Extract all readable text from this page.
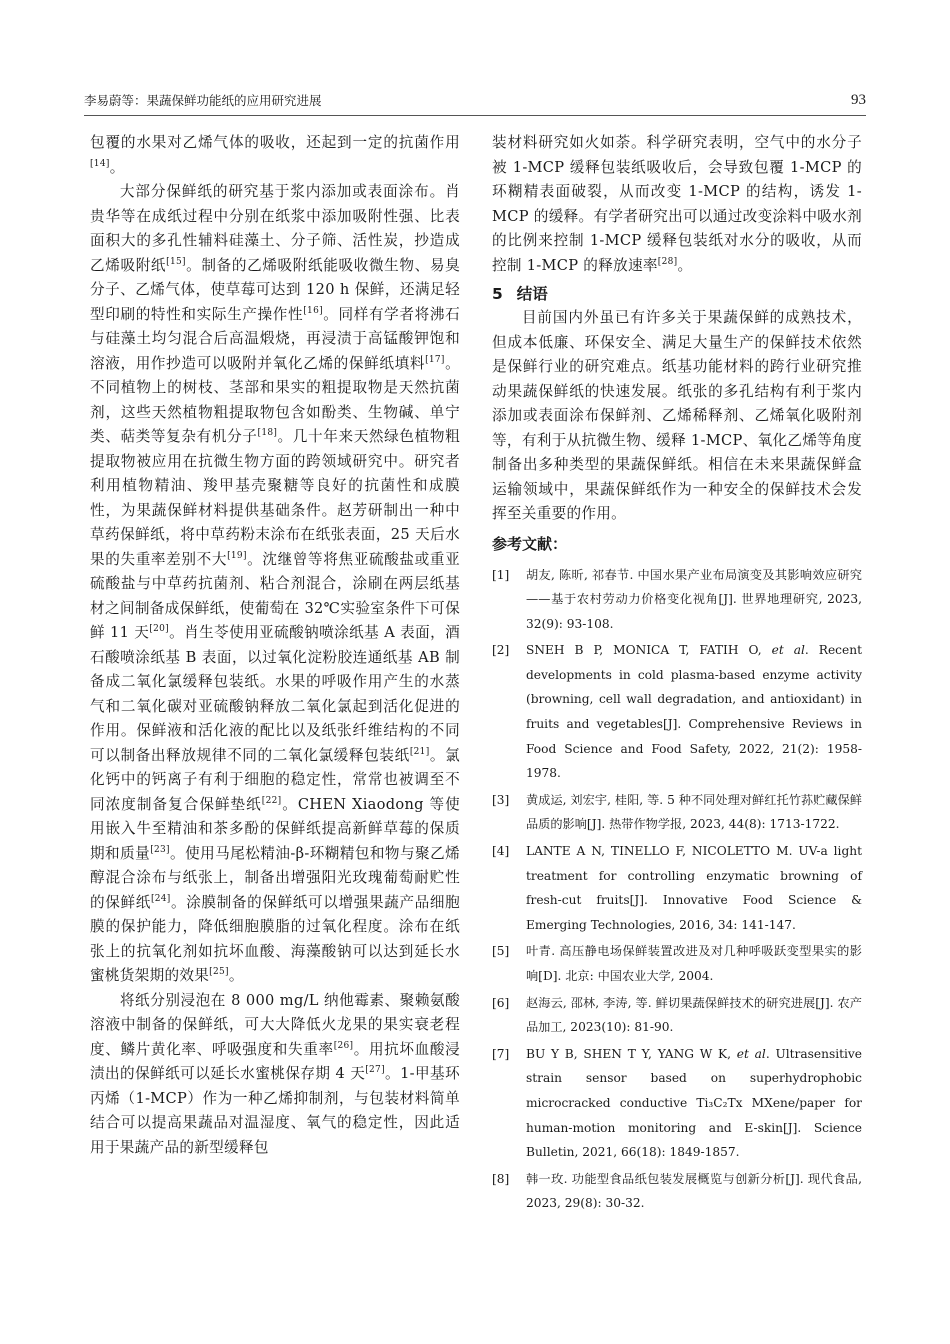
李易蔚等：果蔬保鲜功能纸的应用研究进展	93

包覆的水果对乙烯气体的吸收，还起到一定的抗菌作用[14]。

大部分保鲜纸的研究基于浆内添加或表面涂布。肖贵华等在成纸过程中分别在纸浆中添加吸附性强、比表面积大的多孔性辅料硅藻土、分子筛、活性炭，抄造成乙烯吸附纸[15]。制备的乙烯吸附纸能吸收微生物、易臭分子、乙烯气体，使草莓可达到 120 h 保鲜，还满足轻型印刷的特性和实际生产操作性[16]。同样有学者将沸石与硅藻土均匀混合后高温煅烧，再浸渍于高锰酸钾饱和溶液，用作抄造可以吸附并氧化乙烯的保鲜纸填料[17]。不同植物上的树枝、茎部和果实的粗提取物是天然抗菌剂，这些天然植物粗提取物包含如酚类、生物碱、单宁类、萜类等复杂有机分子[18]。几十年来天然绿色植物粗提取物被应用在抗微生物方面的跨领域研究中。研究者利用植物精油、羧甲基壳聚糖等良好的抗菌性和成膜性，为果蔬保鲜材料提供基础条件。赵芳研制出一种中草药保鲜纸，将中草药粉末涂布在纸张表面，25 天后水果的失重率差别不大[19]。沈继曾等将焦亚硫酸盐或重亚硫酸盐与中草药抗菌剂、粘合剂混合，涂刷在两层纸基材之间制备成保鲜纸，使葡萄在 32℃实验室条件下可保鲜 11 天[20]。肖生苓使用亚硫酸钠喷涂纸基 A 表面，酒石酸喷涂纸基 B 表面，以过氧化淀粉胶连通纸基 AB 制备成二氧化氯缓释包装纸。水果的呼吸作用产生的水蒸气和二氧化碳对亚硫酸钠释放二氧化氯起到活化促进的作用。保鲜液和活化液的配比以及纸张纤维结构的不同可以制备出释放规律不同的二氧化氯缓释包装纸[21]。氯化钙中的钙离子有利于细胞的稳定性，常常也被调至不同浓度制备复合保鲜垫纸[22]。CHEN Xiaodong 等使用嵌入牛至精油和茶多酚的保鲜纸提高新鲜草莓的保质期和质量[23]。使用马尾松精油-β-环糊精包和物与聚乙烯醇混合涂布与纸张上，制备出增强阳光玫瑰葡萄耐贮性的保鲜纸[24]。涂膜制备的保鲜纸可以增强果蔬产品细胞膜的保护能力，降低细胞膜脂的过氧化程度。涂布在纸张上的抗氧化剂如抗坏血酸、海藻酸钠可以达到延长水蜜桃货架期的效果[25]。

将纸分别浸泡在 8 000 mg/L 纳他霉素、聚赖氨酸溶液中制备的保鲜纸，可大大降低火龙果的果实衰老程度、鳞片黄化率、呼吸强度和失重率[26]。用抗坏血酸浸渍出的保鲜纸可以延长水蜜桃保存期 4 天[27]。1-甲基环丙烯（1-MCP）作为一种乙烯抑制剂，与包装材料简单结合可以提高果蔬品对温湿度、氧气的稳定性，因此适用于果蔬产品的新型缓释包

装材料研究如火如荼。科学研究表明，空气中的水分子被 1-MCP 缓释包装纸吸收后，会导致包覆 1-MCP 的环糊精表面破裂，从而改变 1-MCP 的结构，诱发 1-MCP 的缓释。有学者研究出可以通过改变涂料中吸水剂的比例来控制 1-MCP 缓释包装纸对水分的吸收，从而控制 1-MCP 的释放速率[28]。

5 结语

目前国内外虽已有许多关于果蔬保鲜的成熟技术，但成本低廉、环保安全、满足大量生产的保鲜技术依然是保鲜行业的研究难点。纸基功能材料的跨行业研究推动果蔬保鲜纸的快速发展。纸张的多孔结构有利于浆内添加或表面涂布保鲜剂、乙烯稀释剂、乙烯氧化吸附剂等，有利于从抗微生物、缓释 1-MCP、氧化乙烯等角度制备出多种类型的果蔬保鲜纸。相信在未来果蔬保鲜盒运输领域中，果蔬保鲜纸作为一种安全的保鲜技术会发挥至关重要的作用。

参考文献：
[1] 胡友, 陈昕, 祁春节. 中国水果产业布局演变及其影响效应研究——基于农村劳动力价格变化视角[J]. 世界地理研究, 2023, 32(9): 93-108.
[2] SNEH B P, MONICA T, FATIH O, et al. Recent developments in cold plasma-based enzyme activity (browning, cell wall degradation, and antioxidant) in fruits and vegetables[J]. Comprehensive Reviews in Food Science and Food Safety, 2022, 21(2): 1958-1978.
[3] 黄成运, 刘宏宇, 桂阳, 等. 5 种不同处理对鲜红托竹荪贮藏保鲜品质的影响[J]. 热带作物学报, 2023, 44(8): 1713-1722.
[4] LANTE A N, TINELLO F, NICOLETTO M. UV-a light treatment for controlling enzymatic browning of fresh-cut fruits[J]. Innovative Food Science & Emerging Technologies, 2016, 34: 141-147.
[5] 叶青. 高压静电场保鲜装置改进及对几种呼吸跃变型果实的影响[D]. 北京: 中国农业大学, 2004.
[6] 赵海云, 邵林, 李涛, 等. 鲜切果蔬保鲜技术的研究进展[J]. 农产品加工, 2023(10): 81-90.
[7] BU Y B, SHEN T Y, YANG W K, et al. Ultrasensitive strain sensor based on superhydrophobic microcracked conductive Ti₃C₂Tx MXene/paper for human-motion monitoring and E-skin[J]. Science Bulletin, 2021, 66(18): 1849-1857.
[8] 韩一玫. 功能型食品纸包装发展概览与创新分析[J]. 现代食品, 2023, 29(8): 30-32.
